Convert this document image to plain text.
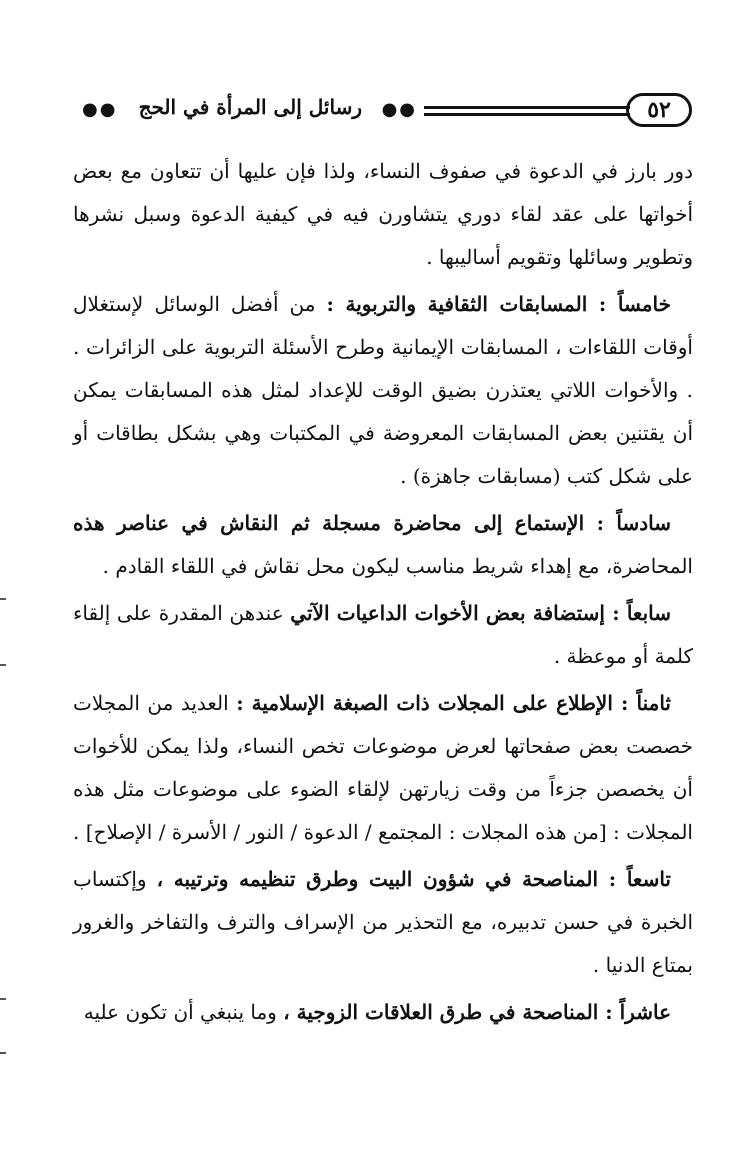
٥٢
●●
رسائل إلى المرأة في الحج
●●

دور بارز في الدعوة في صفوف النساء، ولذا فإن عليها أن تتعاون مع بعض أخواتها على عقد لقاء دوري يتشاورن فيه في كيفية الدعوة وسبل نشرها وتطوير وسائلها وتقويم أساليبها .

خامساً : المسابقات الثقافية والتربوية : من أفضل الوسائل لإستغلال أوقات اللقاءات ، المسابقات الإيمانية وطرح الأسئلة التربوية على الزائرات . . والأخوات اللاتي يعتذرن بضيق الوقت للإعداد لمثل هذه المسابقات يمكن أن يقتنين بعض المسابقات المعروضة في المكتبات وهي بشكل بطاقات أو على شكل كتب (مسابقات جاهزة) .

سادساً : الإستماع إلى محاضرة مسجلة ثم النقاش في عناصر هذه المحاضرة، مع إهداء شريط مناسب ليكون محل نقاش في اللقاء القادم .

سابعاً : إستضافة بعض الأخوات الداعيات الآتي عندهن المقدرة على إلقاء كلمة أو موعظة .

ثامناً : الإطلاع على المجلات ذات الصبغة الإسلامية : العديد من المجلات خصصت بعض صفحاتها لعرض موضوعات تخص النساء، ولذا يمكن للأخوات أن يخصصن جزءاً من وقت زيارتهن لإلقاء الضوء على موضوعات مثل هذه المجلات : [من هذه المجلات : المجتمع / الدعوة / النور / الأسرة / الإصلاح] .

تاسعاً : المناصحة في شؤون البيت وطرق تنظيمه وترتيبه ، وإكتساب الخبرة في حسن تدبيره، مع التحذير من الإسراف والترف والتفاخر والغرور بمتاع الدنيا .

عاشراً : المناصحة في طرق العلاقات الزوجية ، وما ينبغي أن تكون عليه
